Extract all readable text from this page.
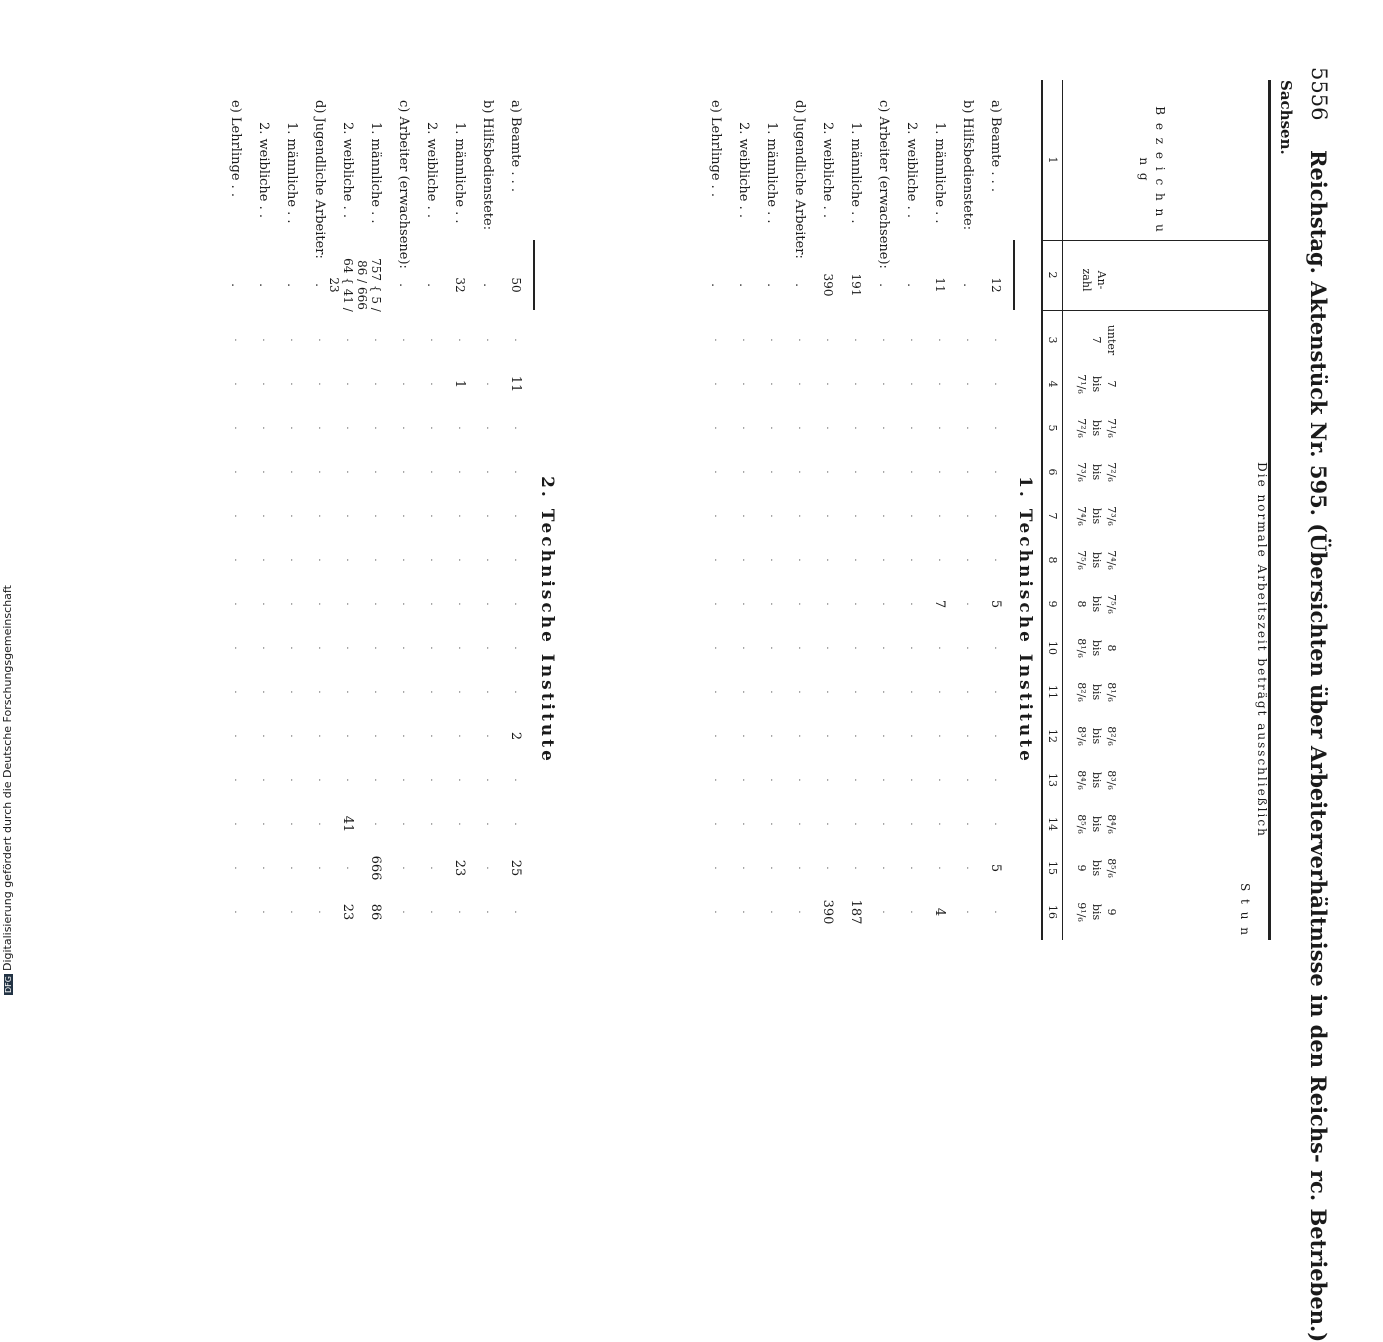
5556
Reichstag. Aktenstück Nr. 595. (Übersichten über Arbeiterverhältnisse in den Reichs- rc. Betrieben.)
Sachsen.
B e z e i c h n u n g
An-
zahl
Die normale Arbeitszeit beträgt ausschließlich
S t u n
unter
7
7
bis
7¹/₆
7¹/₆
bis
7²/₆
7²/₆
bis
7³/₆
7³/₆
bis
7⁴/₆
7⁴/₆
bis
7⁵/₆
7⁵/₆
bis
8
8
bis
8¹/₆
8¹/₆
bis
8²/₆
8²/₆
bis
8³/₆
8³/₆
bis
8⁴/₆
8⁴/₆
bis
8⁵/₆
8⁵/₆
bis
9
9
bis
9¹/₆
1
2
3
4
5
6
7
8
9
10
11
12
13
14
15
16
a) Beamte . . .
12
.
.
.
.
.
.
5
.
.
.
.
.
5
.
b) Hilfsbedienstete:
.
.
.
.
.
.
.
.
.
.
.
.
.
.
.
1. männliche . .
11
.
.
.
.
.
.
7
.
.
.
.
.
.
4
2. weibliche . .
.
.
.
.
.
.
.
.
.
.
.
.
.
.
.
c) Arbeiter (erwachsene):
.
.
.
.
.
.
.
.
.
.
.
.
.
.
.
1. männliche . .
191
.
.
.
.
.
.
.
.
.
.
.
.
.
187
2. weibliche . .
390
.
.
.
.
.
.
.
.
.
.
.
.
.
390
d) Jugendliche Arbeiter:
.
.
.
.
.
.
.
.
.
.
.
.
.
.
.
1. männliche . .
.
.
.
.
.
.
.
.
.
.
.
.
.
.
.
2. weibliche . .
.
.
.
.
.
.
.
.
.
.
.
.
.
.
.
e) Lehrlinge . .
.
.
.
.
.
.
.
.
.
.
.
.
.
.
.
a) Beamte . . .
50
.
11
.
.
.
.
.
.
.
2
.
.
25
.
b) Hilfsbedienstete:
.
.
.
.
.
.
.
.
.
.
.
.
.
.
.
1. männliche . .
32
.
1
.
.
.
.
.
.
.
.
.
.
23
.
2. weibliche . .
.
.
.
.
.
.
.
.
.
.
.
.
.
.
.
c) Arbeiter (erwachsene):
.
.
.
.
.
.
.
.
.
.
.
.
.
.
.
1. männliche . .
757 { 5 / 86 / 666
.
.
.
.
.
.
.
.
.
.
.
.
666
86
2. weibliche . .
64 { 41 / 23
.
.
.
.
.
.
.
.
.
.
.
41
.
23
d) Jugendliche Arbeiter:
.
.
.
.
.
.
.
.
.
.
.
.
.
.
.
1. männliche . .
.
.
.
.
.
.
.
.
.
.
.
.
.
.
.
2. weibliche . .
.
.
.
.
.
.
.
.
.
.
.
.
.
.
.
e) Lehrlinge . .
.
.
.
.
.
.
.
.
.
.
.
.
.
.
.
1. Technische Institute
2. Technische Institute
DFGDigitalisierung gefördert durch die Deutsche Forschungsgemeinschaft
